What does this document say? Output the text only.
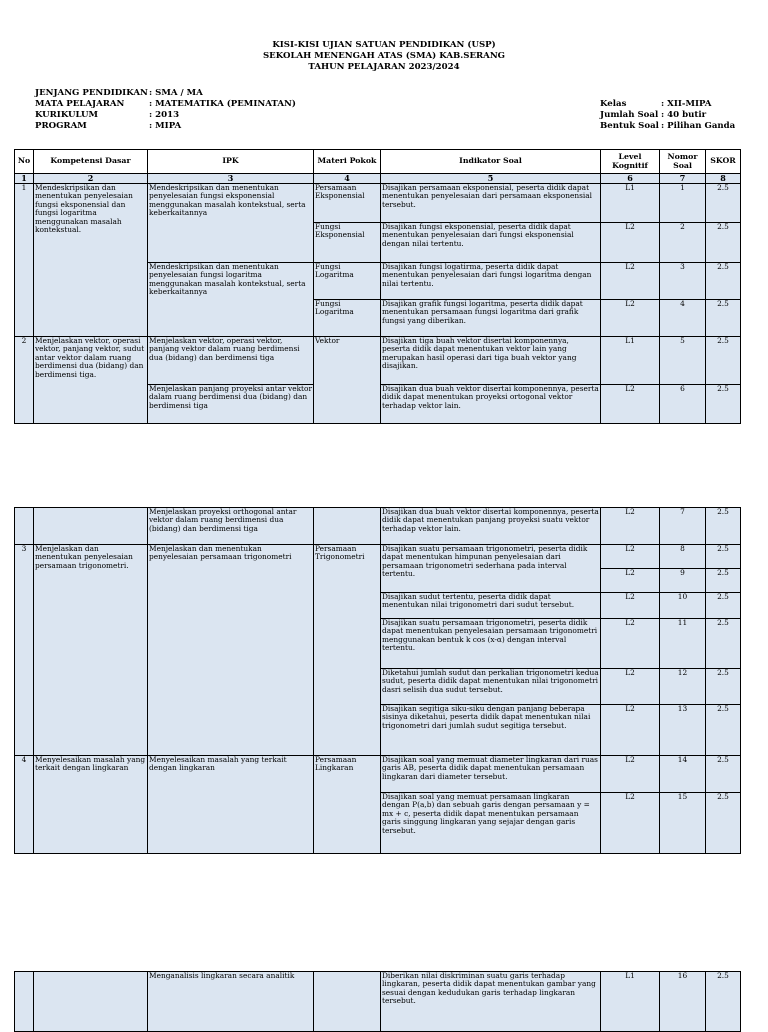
KISI-KISI UJIAN SATUAN PENDIDIKAN (USP)
SEKOLAH MENENGAH ATAS (SMA) KAB.SERANG
TAHUN PELAJARAN 2023/2024
JENJANG PENDIDIKAN : SMA / MA
MATA PELAJARAN	: MATEMATIKA (PEMINATAN)
KURIKULUM	: 2013
PROGRAM	: MIPA
Kelas	: XII-MIPA
Jumlah Soal : 40 butir
Bentuk Soal : Pilihan Ganda
No	Kompetensi Dasar	IPK	Materi Pokok	Indikator Soal	Level Kognitif	Nomor Soal	SKOR
1	2	3	4	5	6	7	8
1	Mendeskripsikan dan menentukan penyelesaian fungsi eksponensial dan fungsi logaritma menggunakan masalah kontekstual.	Mendeskripsikan dan menentukan penyelesaian fungsi eksponensial menggunakan masalah kontekstual, serta keberkaitannya	Persamaan Eksponensial	Disajikan persamaan eksponensial, peserta didik dapat menentukan penyelesaian dari persamaan eksponensial tersebut.	L1	1	2.5
			Fungsi Eksponensial	Disajikan fungsi eksponensial, peserta didik dapat menentukan penyelesaian dari fungsi eksponensial dengan nilai tertentu.	L2	2	2.5
		Mendeskripsikan dan menentukan penyelesaian fungsi logaritma menggunakan masalah kontekstual, serta keberkaitannya	Fungsi Logaritma	Disajikan fungsi logatirma, peserta didik dapat menentukan penyelesaian dari fungsi logaritma dengan nilai tertentu.	L2	3	2.5
			Fungsi Logaritma	Disajikan grafik fungsi logaritma, peserta didik dapat menentukan persamaan fungsi logaritma dari grafik fungsi yang diberikan.	L2	4	2.5
2	Menjelaskan vektor, operasi vektor, panjang vektor, sudut antar vektor dalam ruang berdimensi dua (bidang) dan berdimensi tiga.	Menjelaskan vektor, operasi vektor, panjang vektor dalam ruang berdimensi dua (bidang) dan berdimensi tiga	Vektor	Disajikan tiga buah vektor disertai komponennya, peserta didik dapat menentukan vektor lain yang merupakan hasil operasi dari tiga buah vektor yang disajikan.	L1	5	2.5
		Menjelaskan panjang proyeksi antar vektor dalam ruang berdimensi dua (bidang) dan berdimensi tiga		Disajikan dua buah vektor disertai komponennya, peserta didik dapat menentukan proyeksi ortogonal vektor terhadap vektor lain.	L2	6	2.5
		Menjelaskan proyeksi orthogonal antar vektor dalam ruang berdimensi dua (bidang) dan berdimensi tiga		Disajikan dua buah vektor disertai komponennya, peserta didik dapat menentukan panjang proyeksi suatu vektor terhadap vektor lain.	L2	7	2.5
3	Menjelaskan dan menentukan penyelesaian persamaan trigonometri.	Menjelaskan dan menentukan penyelesaian persamaan trigonometri	Persamaan Trigonometri	Disajikan suatu persamaan trigonometri, peserta didik dapat menentukan himpunan penyelesaian dari persamaan trigonometri sederhana pada interval tertentu.	L2	8	2.5
					L2	9	2.5
				Disajikan sudut tertentu, peserta didik dapat menentukan nilai trigonometri dari sudut tersebut.	L2	10	2.5
				Disajikan suatu persamaan trigonometri, peserta didik dapat menentukan penyelesaian persamaan trigonometri menggunakan bentuk k cos (x-α) dengan interval tertentu.	L2	11	2.5
				Diketahui jumlah sudut dan perkalian trigonometri kedua sudut, peserta didik dapat menentukan nilai trigonometri dasri selisih dua sudut tersebut.	L2	12	2.5
				Disajikan segitiga siku-siku dengan panjang beberapa sisinya diketahui, peserta didik dapat menentukan nilai trigonometri dari jumlah sudut segitiga tersebut.	L2	13	2.5
4	Menyelesaikan masalah yang terkait dengan lingkaran	Menyelesaikan masalah yang terkait dengan lingkaran	Persamaan Lingkaran	Disajikan soal yang memuat diameter lingkaran dari ruas garis AB, peserta didik dapat menentukan persamaan lingkaran dari diameter tersebut.	L2	14	2.5
				Disajikan soal yang memuat persamaan lingkaran dengan P(a,b) dan sebuah garis dengan persamaan y = mx + c, peserta didik dapat menentukan persamaan garis singgung lingkaran yang sejajar dengan garis tersebut.	L2	15	2.5
		Menganalisis lingkaran secara analitik		Diberikan nilai diskriminan suatu garis terhadap lingkaran, peserta didik dapat menentukan gambar yang sesuai dengan kedudukan garis terhadap lingkaran tersebut.	L1	16	2.5
